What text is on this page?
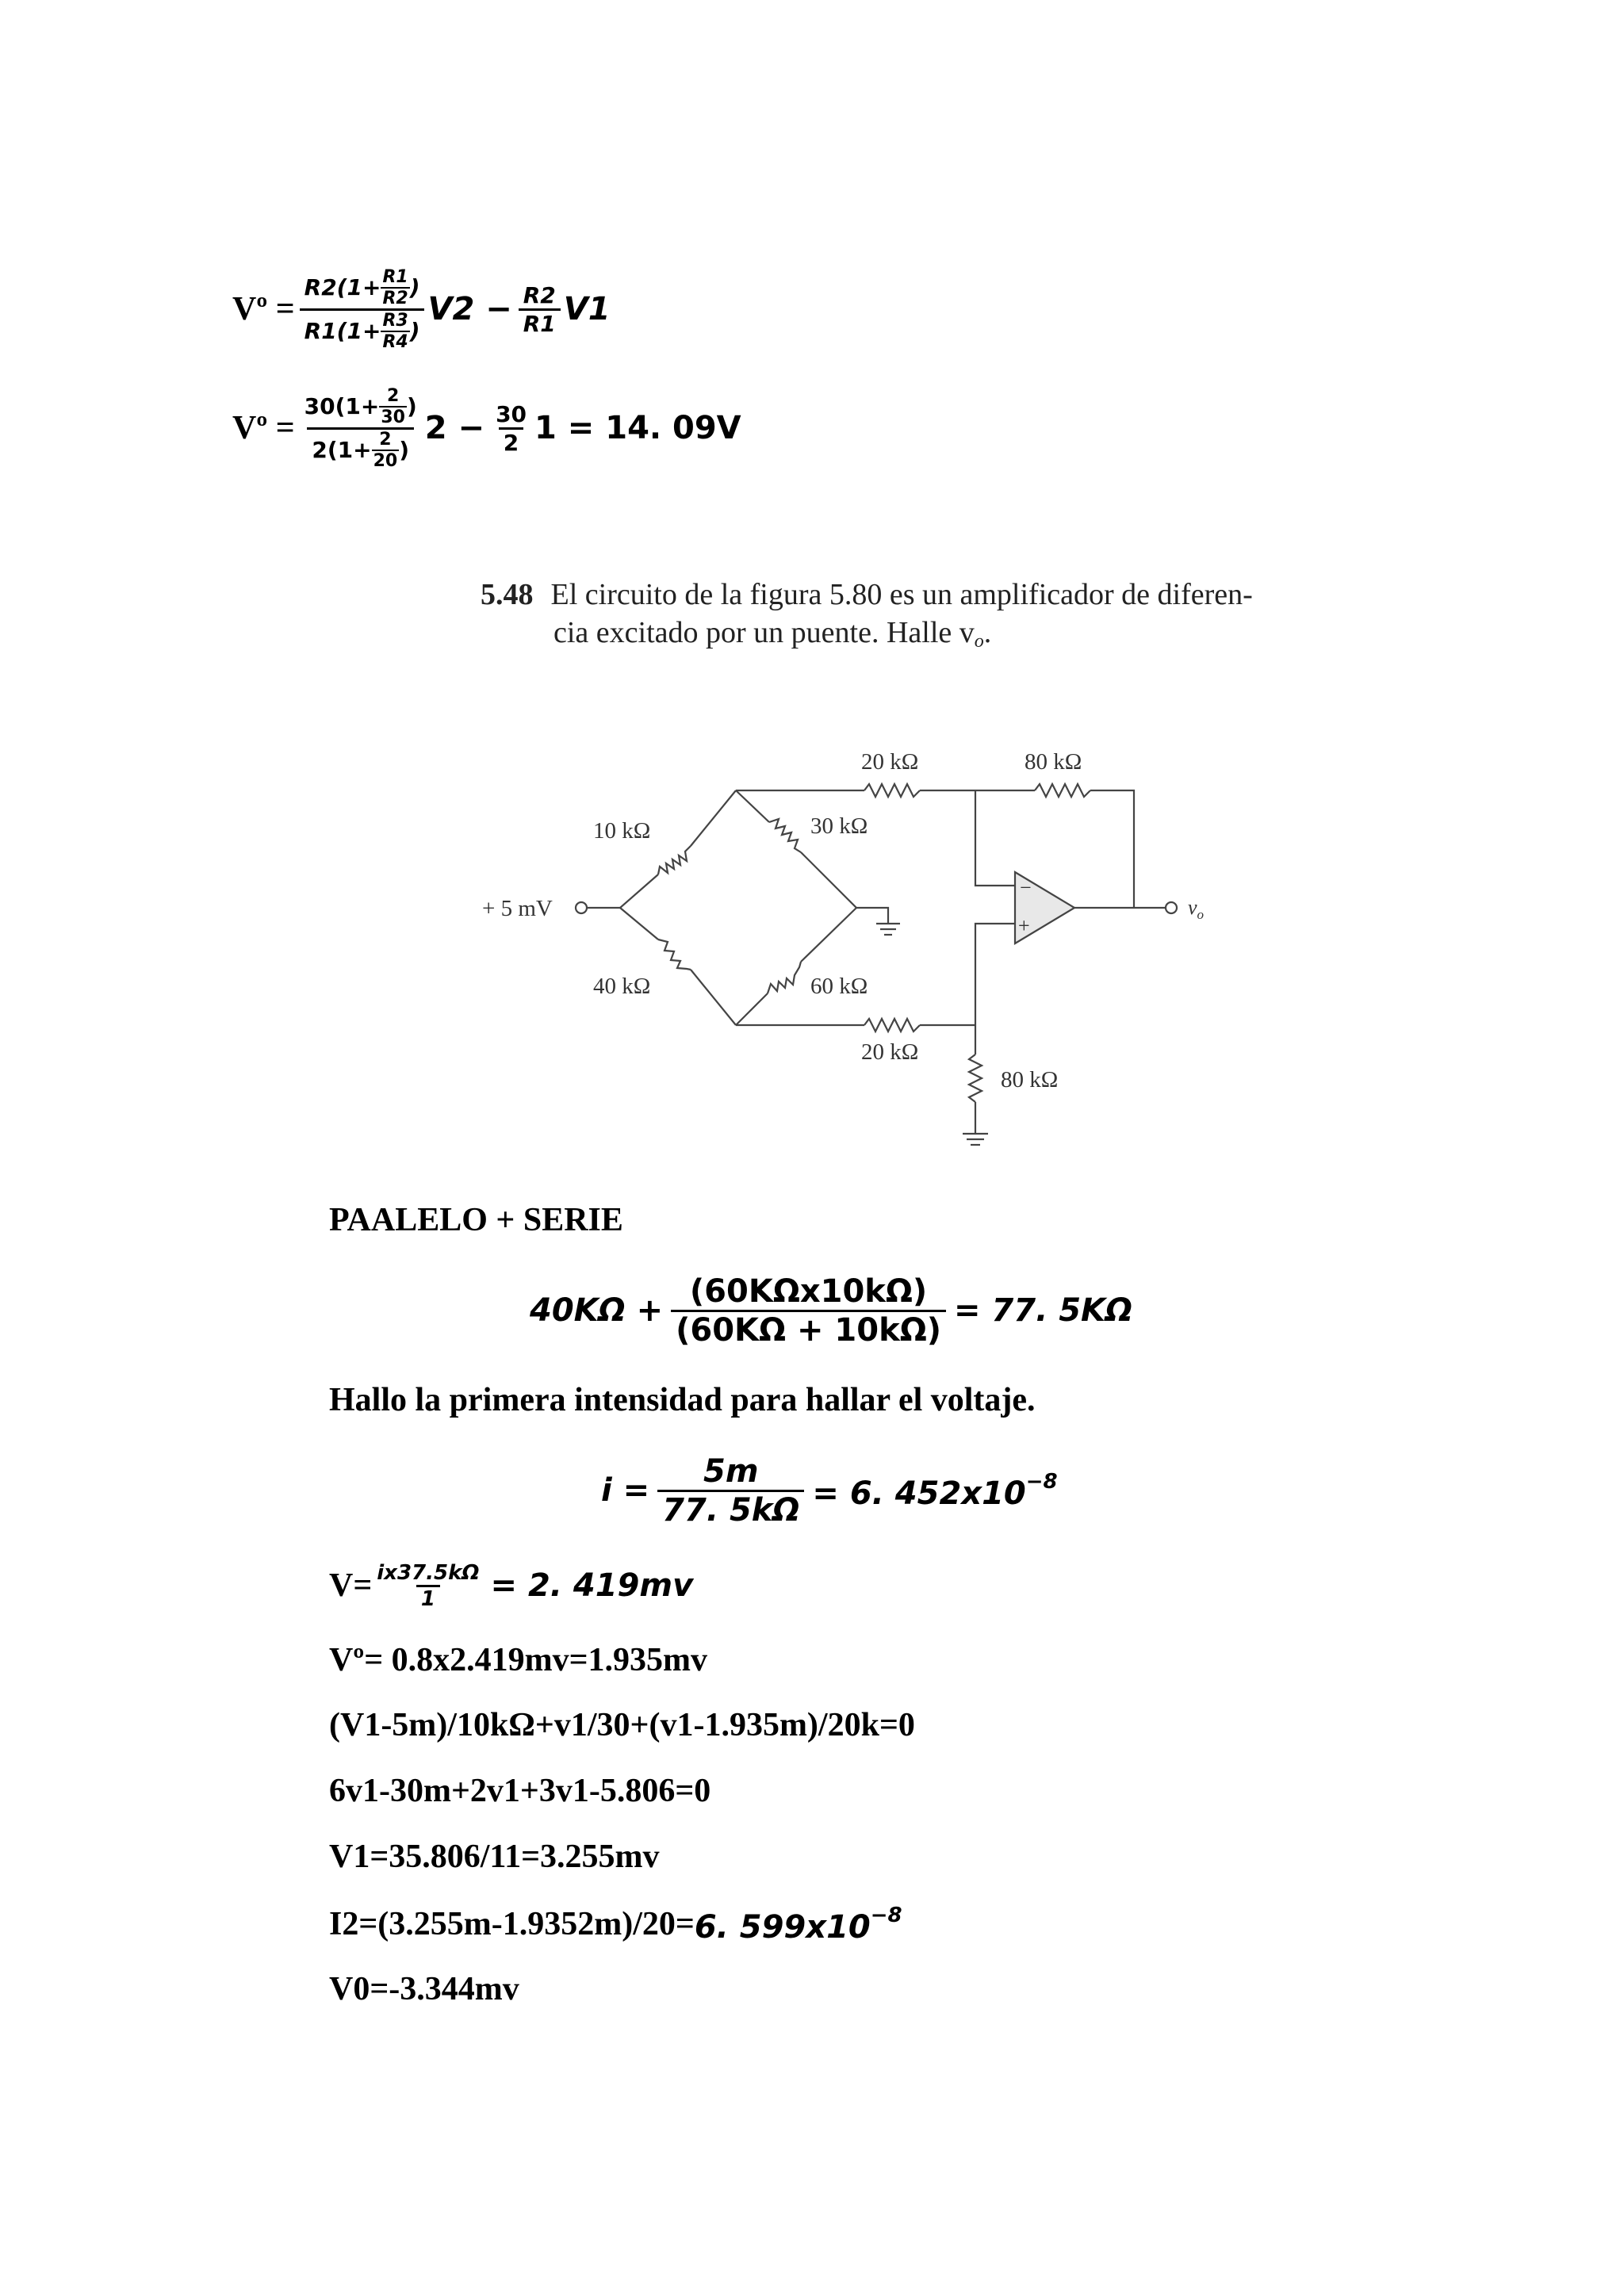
Vº = $\frac{R2(1+ \frac{R1}{R2} )}{R1(1+ \frac{R3}{R4} )} V2 - \frac{R2}{R1} V1$
Vº = $\frac{30(1+ \frac{2}{30} )}{2(1+ \frac{2}{20} )} 2 - \frac{30}{2} 1 = 14$. 09V
5.48 El circuito de la figura 5.80 es un amplificador de diferen-
cia excitado por un puente. Halle vo.
−
+
10 kΩ	30 kΩ
40 kΩ	60 kΩ
20 kΩ	80 kΩ
20 kΩ
80 kΩ
+ 5 mV	$v_o$
PAALELO + SERIE
$40K\Omega + \frac{\text{(60KΩx10kΩ)}}{(60K\Omega + 10k\Omega)} = 77$. 5KΩ
Hallo la primera intensidad para hallar el voltaje.
$i = \frac{5m}{77. 5k\Omega} = 6$. $452x10^{-8}$
$V= \frac{ix37.5k\Omega}{1} = 2$. 419mv
Vº= 0.8x2.419mv=1.935mv
(V1-5m)/10kΩ+v1/30+(v1-1.935m)/20k=0
6v1-30m+2v1+3v1-5.806=0
V1=35.806/11=3.255mv
I2=(3.255m-1.9352m)/20= 6. $599x10^{-8}$
V0=-3.344mv
